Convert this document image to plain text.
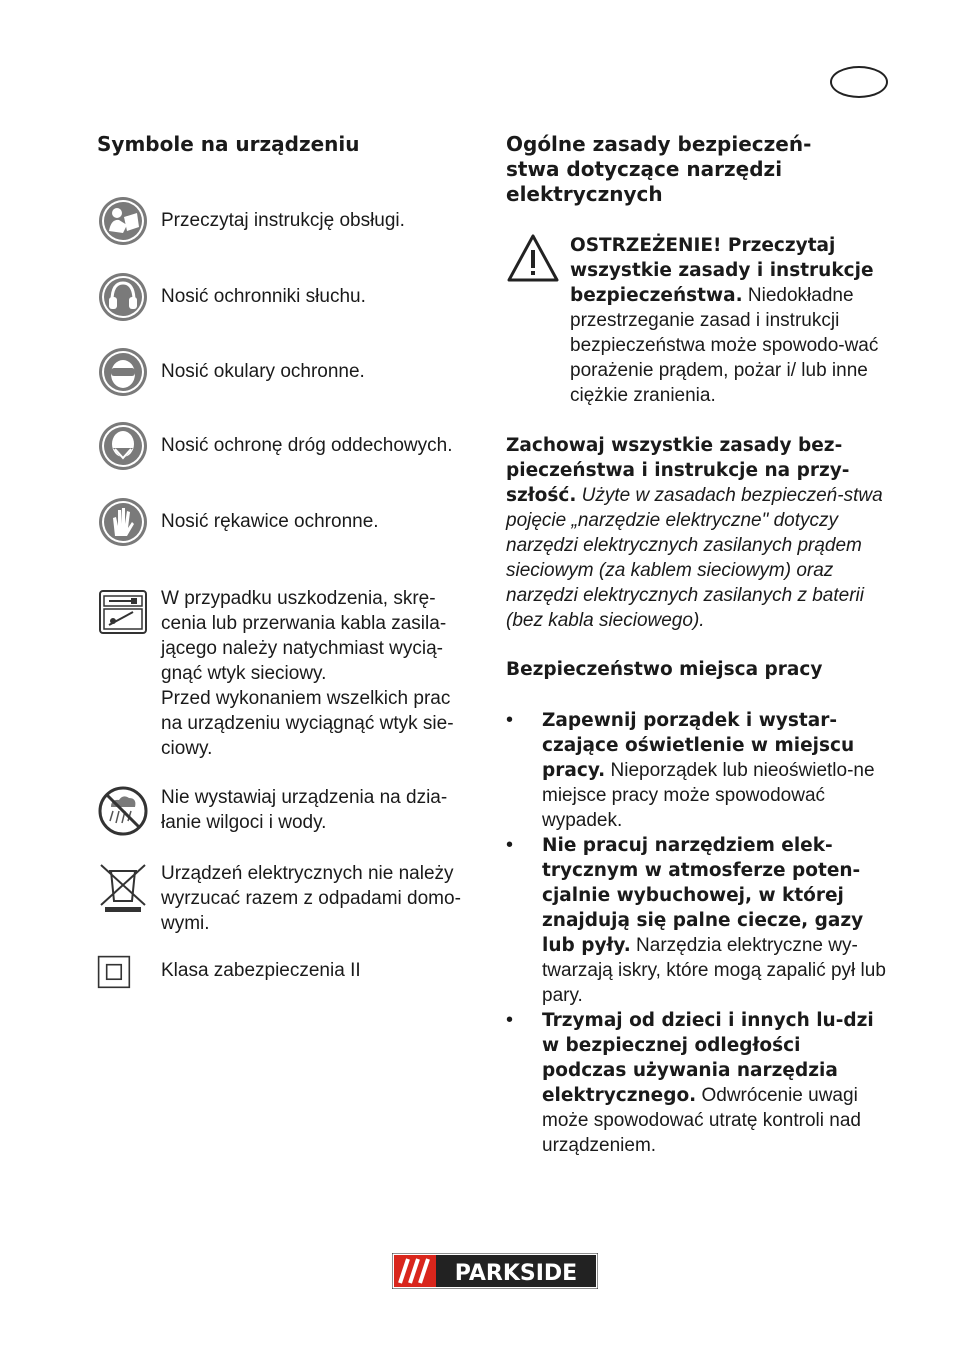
Symbole na urządzeniu
Przeczytaj instrukcję obsługi.
Nosić ochronniki słuchu.
Nosić okulary ochronne.
Nosić ochronę dróg oddechowych.
Nosić rękawice ochronne.
W przypadku uszkodzenia, skrę-
cenia lub przerwania kabla zasila-
jącego należy natychmiast wycią-
gnąć wtyk sieciowy.
Przed wykonaniem wszelkich prac
na urządzeniu wyciągnąć wtyk sie-
ciowy.
Nie wystawiaj urządzenia na dzia-
łanie wilgoci i wody.
Urządzeń elektrycznych nie należy
wyrzucać razem z odpadami domo-
wymi.
Klasa zabezpieczenia II
Ogólne zasady bezpieczeń-
stwa dotyczące narzędzi
elektrycznych
OSTRZEŻENIE! Przeczytaj wszystkie zasady i instrukcje bezpieczeństwa. Niedokładne przestrzeganie zasad i instrukcji bezpieczeństwa może spowodo-wać porażenie prądem, pożar i/ lub inne ciężkie zranienia.
Zachowaj wszystkie zasady bez-pieczeństwa i instrukcje na przy-szłość. Użyte w zasadach bezpieczeń-stwa pojęcie „narzędzie elektryczne" dotyczy narzędzi elektrycznych zasilanych prądem sieciowym (za kablem sieciowym) oraz narzędzi elektrycznych zasilanych z baterii (bez kabla sieciowego).
Bezpieczeństwo miejsca pracy
• Zapewnij porządek i wystar-czające oświetlenie w miejscu pracy. Nieporządek lub nieoświetlo-ne miejsce pracy może spowodować wypadek.
• Nie pracuj narzędziem elek-trycznym w atmosferze poten-cjalnie wybuchowej, w której znajdują się palne ciecze, gazy lub pyły. Narzędzia elektryczne wy-twarzają iskry, które mogą zapalić pył lub pary.
• Trzymaj od dzieci i innych lu-dzi w bezpiecznej odległości podczas używania narzędzia elektrycznego. Odwrócenie uwagi może spowodować utratę kontroli nad urządzeniem.
PARKSIDE
